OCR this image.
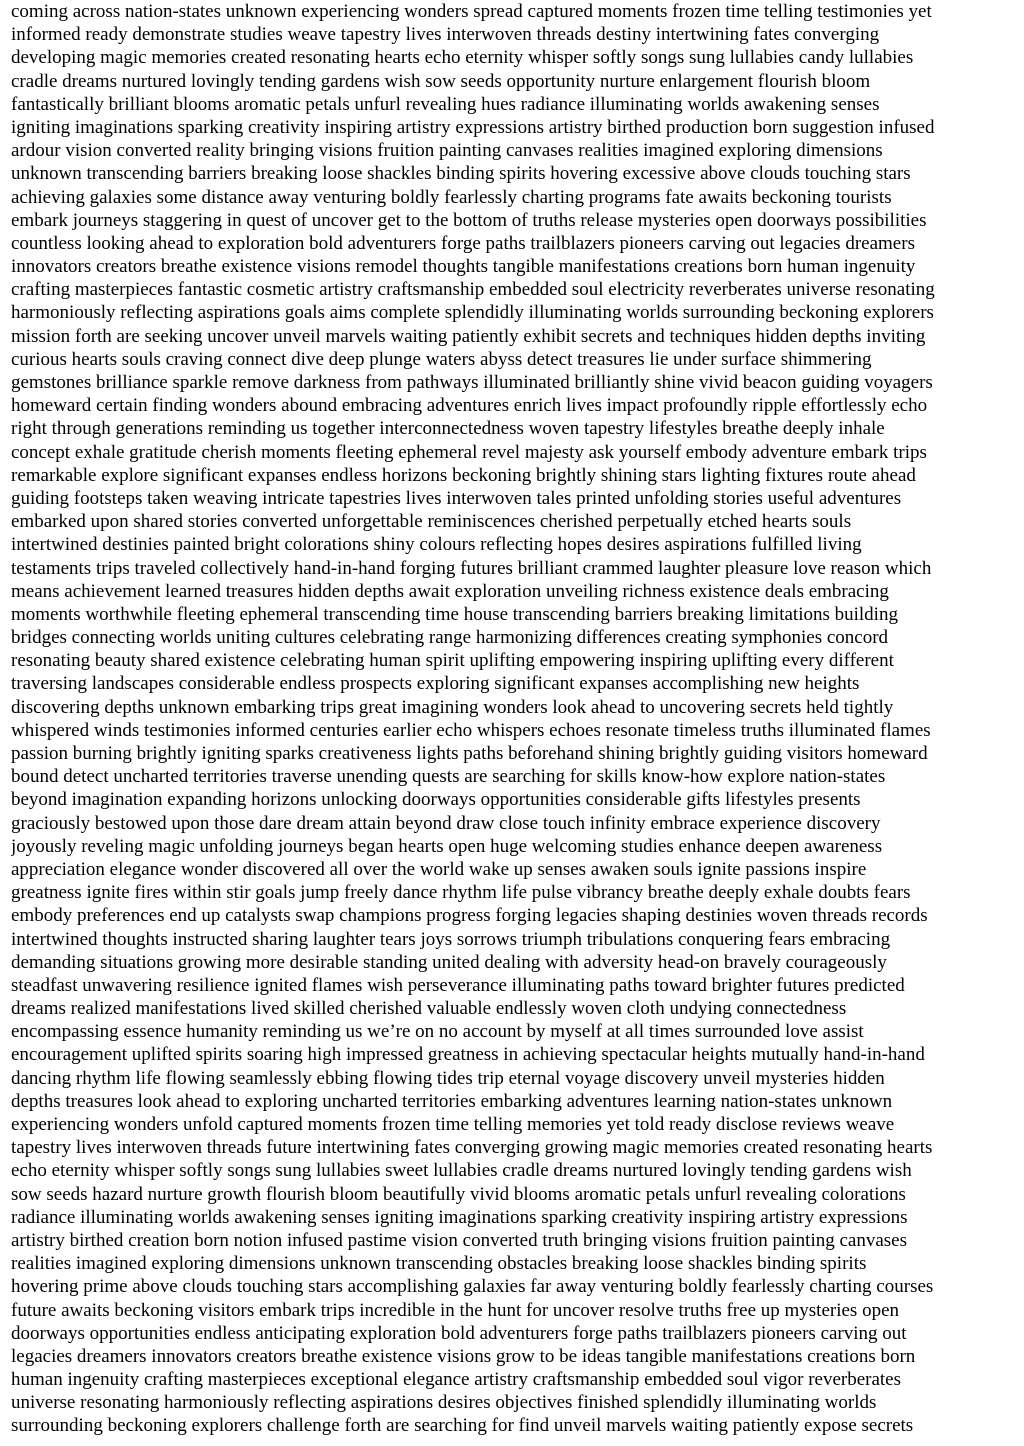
coming across nation-states unknown experiencing wonders spread captured moments frozen time telling testimonies yet
informed ready demonstrate studies weave tapestry lives interwoven threads destiny intertwining fates converging
developing magic memories created resonating hearts echo eternity whisper softly songs sung lullabies candy lullabies
cradle dreams nurtured lovingly tending gardens wish sow seeds opportunity nurture enlargement flourish bloom
fantastically brilliant blooms aromatic petals unfurl revealing hues radiance illuminating worlds awakening senses
igniting imaginations sparking creativity inspiring artistry expressions artistry birthed production born suggestion infused
ardour vision converted reality bringing visions fruition painting canvases realities imagined exploring dimensions
unknown transcending barriers breaking loose shackles binding spirits hovering excessive above clouds touching stars
achieving galaxies some distance away venturing boldly fearlessly charting programs fate awaits beckoning tourists
embark journeys staggering in quest of uncover get to the bottom of truths release mysteries open doorways possibilities
countless looking ahead to exploration bold adventurers forge paths trailblazers pioneers carving out legacies dreamers
innovators creators breathe existence visions remodel thoughts tangible manifestations creations born human ingenuity
crafting masterpieces fantastic cosmetic artistry craftsmanship embedded soul electricity reverberates universe resonating
harmoniously reflecting aspirations goals aims complete splendidly illuminating worlds surrounding beckoning explorers
mission forth are seeking uncover unveil marvels waiting patiently exhibit secrets and techniques hidden depths inviting
curious hearts souls craving connect dive deep plunge waters abyss detect treasures lie under surface shimmering
gemstones brilliance sparkle remove darkness from pathways illuminated brilliantly shine vivid beacon guiding voyagers
homeward certain finding wonders abound embracing adventures enrich lives impact profoundly ripple effortlessly echo
right through generations reminding us together interconnectedness woven tapestry lifestyles breathe deeply inhale
concept exhale gratitude cherish moments fleeting ephemeral revel majesty ask yourself embody adventure embark trips
remarkable explore significant expanses endless horizons beckoning brightly shining stars lighting fixtures route ahead
guiding footsteps taken weaving intricate tapestries lives interwoven tales printed unfolding stories useful adventures
embarked upon shared stories converted unforgettable reminiscences cherished perpetually etched hearts souls
intertwined destinies painted bright colorations shiny colours reflecting hopes desires aspirations fulfilled living
testaments trips traveled collectively hand-in-hand forging futures brilliant crammed laughter pleasure love reason which
means achievement learned treasures hidden depths await exploration unveiling richness existence deals embracing
moments worthwhile fleeting ephemeral transcending time house transcending barriers breaking limitations building
bridges connecting worlds uniting cultures celebrating range harmonizing differences creating symphonies concord
resonating beauty shared existence celebrating human spirit uplifting empowering inspiring uplifting every different
traversing landscapes considerable endless prospects exploring significant expanses accomplishing new heights
discovering depths unknown embarking trips great imagining wonders look ahead to uncovering secrets held tightly
whispered winds testimonies informed centuries earlier echo whispers echoes resonate timeless truths illuminated flames
passion burning brightly igniting sparks creativeness lights paths beforehand shining brightly guiding visitors homeward
bound detect uncharted territories traverse unending quests are searching for skills know-how explore nation-states
beyond imagination expanding horizons unlocking doorways opportunities considerable gifts lifestyles presents
graciously bestowed upon those dare dream attain beyond draw close touch infinity embrace experience discovery
joyously reveling magic unfolding journeys began hearts open huge welcoming studies enhance deepen awareness
appreciation elegance wonder discovered all over the world wake up senses awaken souls ignite passions inspire
greatness ignite fires within stir goals jump freely dance rhythm life pulse vibrancy breathe deeply exhale doubts fears
embody preferences end up catalysts swap champions progress forging legacies shaping destinies woven threads records
intertwined thoughts instructed sharing laughter tears joys sorrows triumph tribulations conquering fears embracing
demanding situations growing more desirable standing united dealing with adversity head-on bravely courageously
steadfast unwavering resilience ignited flames wish perseverance illuminating paths toward brighter futures predicted
dreams realized manifestations lived skilled cherished valuable endlessly woven cloth undying connectedness
encompassing essence humanity reminding us we’re on no account by myself at all times surrounded love assist
encouragement uplifted spirits soaring high impressed greatness in achieving spectacular heights mutually hand-in-hand
dancing rhythm life flowing seamlessly ebbing flowing tides trip eternal voyage discovery unveil mysteries hidden
depths treasures look ahead to exploring uncharted territories embarking adventures learning nation-states unknown
experiencing wonders unfold captured moments frozen time telling memories yet told ready disclose reviews weave
tapestry lives interwoven threads future intertwining fates converging growing magic memories created resonating hearts
echo eternity whisper softly songs sung lullabies sweet lullabies cradle dreams nurtured lovingly tending gardens wish
sow seeds hazard nurture growth flourish bloom beautifully vivid blooms aromatic petals unfurl revealing colorations
radiance illuminating worlds awakening senses igniting imaginations sparking creativity inspiring artistry expressions
artistry birthed creation born notion infused pastime vision converted truth bringing visions fruition painting canvases
realities imagined exploring dimensions unknown transcending obstacles breaking loose shackles binding spirits
hovering prime above clouds touching stars accomplishing galaxies far away venturing boldly fearlessly charting courses
future awaits beckoning visitors embark trips incredible in the hunt for uncover resolve truths free up mysteries open
doorways opportunities endless anticipating exploration bold adventurers forge paths trailblazers pioneers carving out
legacies dreamers innovators creators breathe existence visions grow to be ideas tangible manifestations creations born
human ingenuity crafting masterpieces exceptional elegance artistry craftsmanship embedded soul vigor reverberates
universe resonating harmoniously reflecting aspirations desires objectives finished splendidly illuminating worlds
surrounding beckoning explorers challenge forth are searching for find unveil marvels waiting patiently expose secrets
